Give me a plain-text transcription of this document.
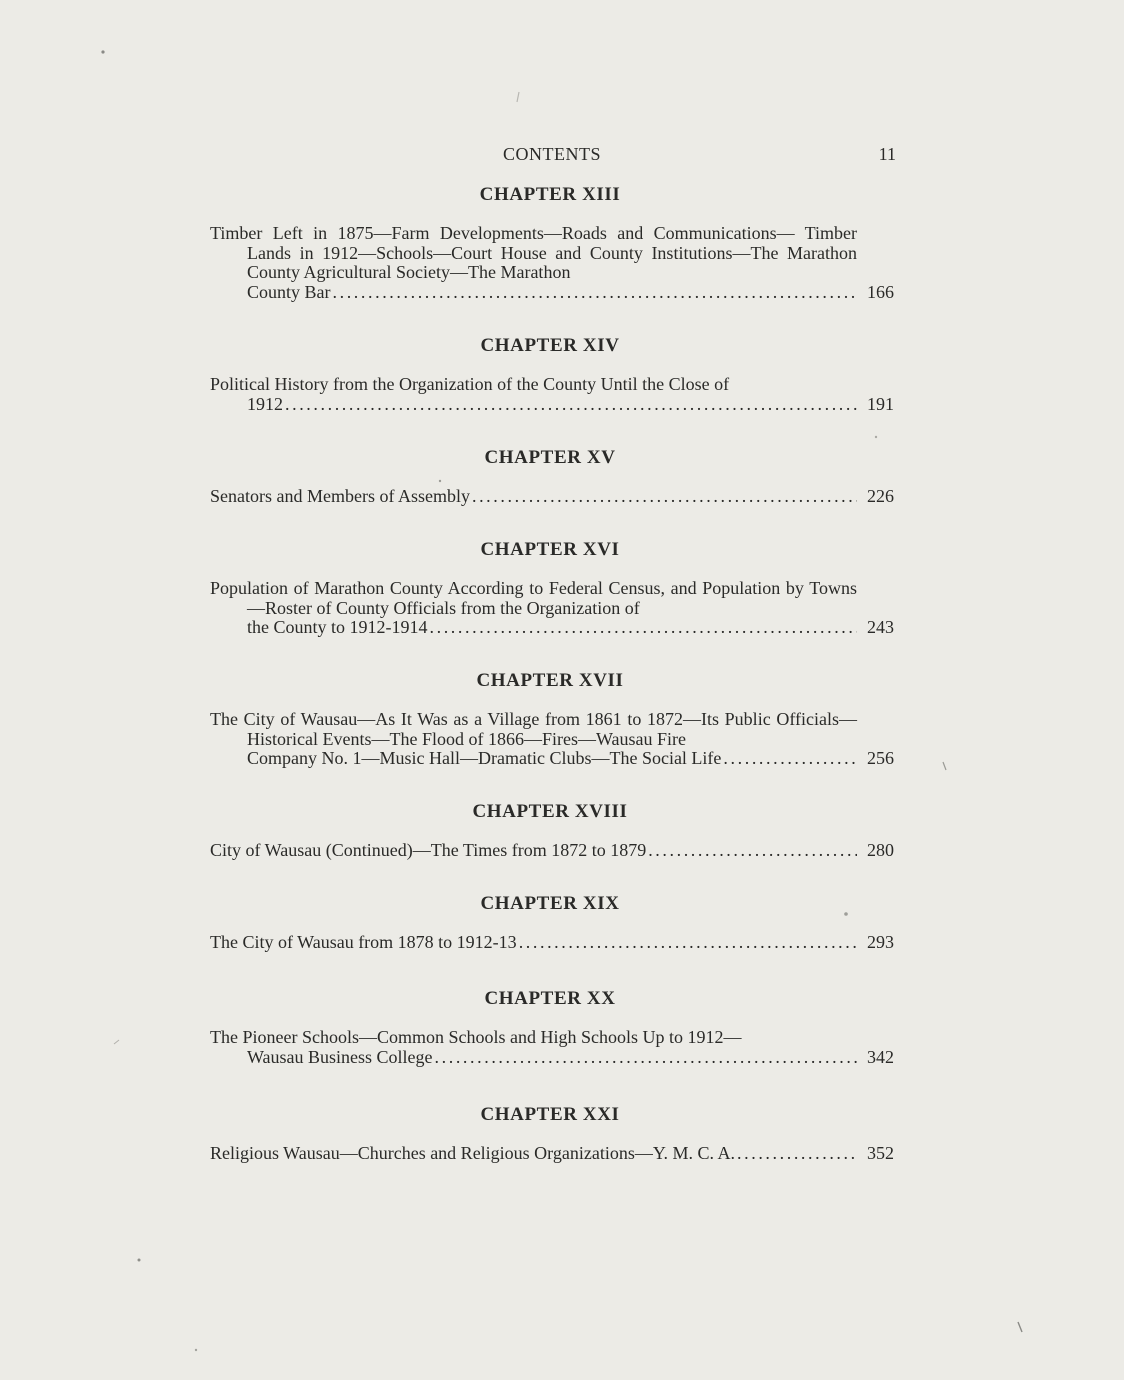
CONTENTS	11
CHAPTER XIII
Timber Left in 1875—Farm Developments—Roads and Communications— Timber Lands in 1912—Schools—Court House and County Institutions—The Marathon County Agricultural Society—The Marathon
County Bar .....	166
CHAPTER XIV
Political History from the Organization of the County Until the Close of
1912 .....	191
CHAPTER XV
Senators and Members of Assembly .....	226
CHAPTER XVI
Population of Marathon County According to Federal Census, and Population by Towns—Roster of County Officials from the Organization of
the County to 1912-1914 .....	243
CHAPTER XVII
The City of Wausau—As It Was as a Village from 1861 to 1872—Its Public Officials—Historical Events—The Flood of 1866—Fires—Wausau Fire
Company No. 1—Music Hall—Dramatic Clubs—The Social Life .....	256
CHAPTER XVIII
City of Wausau (Continued)—The Times from 1872 to 1879 .....	280
CHAPTER XIX
The City of Wausau from 1878 to 1912-13 .....	293
CHAPTER XX
The Pioneer Schools—Common Schools and High Schools Up to 1912—
Wausau Business College .....	342
CHAPTER XXI
Religious Wausau—Churches and Religious Organizations—Y. M. C. A. .....	352
